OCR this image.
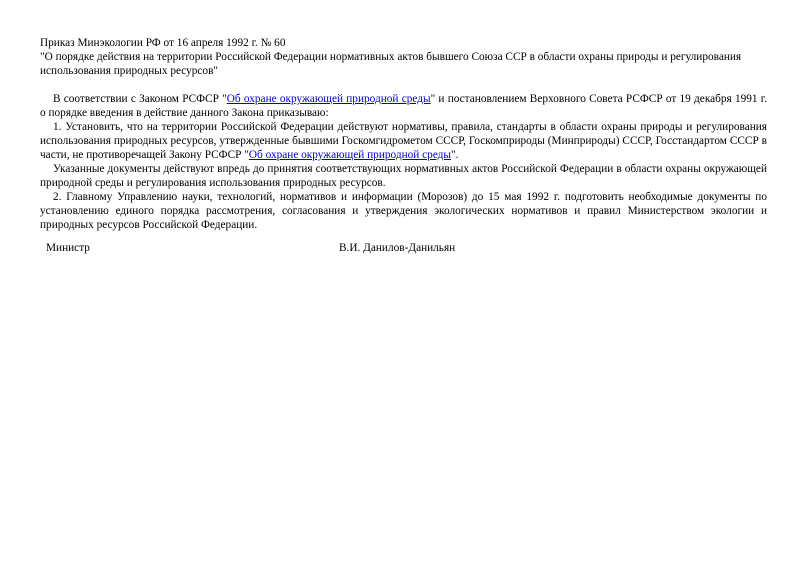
Приказ Минэкологии РФ от 16 апреля 1992 г. № 60

"О порядке действия на территории Российской Федерации нормативных актов бывшего Союза ССР в области охраны природы и регулирования использования природных ресурсов"

В соответствии с Законом РСФСР "Об охране окружающей природной среды" и постановлением Верховного Совета РСФСР от 19 декабря 1991 г. о порядке введения в действие данного Закона приказываю:

1. Установить, что на территории Российской Федерации действуют нормативы, правила, стандарты в области охраны природы и регулирования использования природных ресурсов, утвержденные бывшими Госкомгидрометом СССР, Госкомприроды (Минприроды) СССР, Госстандартом СССР в части, не противоречащей Закону РСФСР "Об охране окружающей природной среды".

Указанные документы действуют впредь до принятия соответствующих нормативных актов Российской Федерации в области охраны окружающей природной среды и регулирования использования природных ресурсов.

2. Главному Управлению науки, технологий, нормативов и информации (Морозов) до 15 мая 1992 г. подготовить необходимые документы по установлению единого порядка рассмотрения, согласования и утверждения экологических нормативов и правил Министерством экологии и природных ресурсов Российской Федерации.

Министр	В.И. Данилов-Данильян
